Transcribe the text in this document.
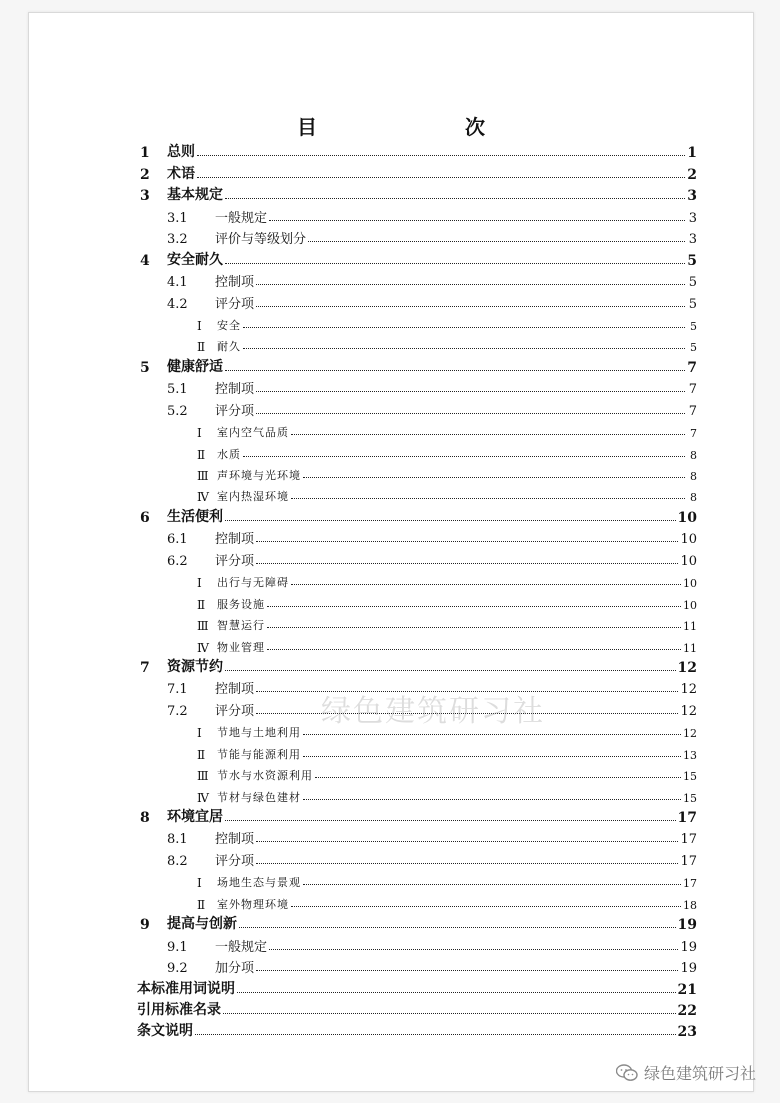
目　　次
1	总则	1
2	术语	2
3	基本规定	3
3.1	一般规定	3
3.2	评价与等级划分	3
4	安全耐久	5
4.1	控制项	5
4.2	评分项	5
Ⅰ	安全	5
Ⅱ	耐久	5
5	健康舒适	7
5.1	控制项	7
5.2	评分项	7
Ⅰ	室内空气品质	7
Ⅱ	水质	8
Ⅲ 声环境与光环境	8
Ⅳ 室内热湿环境	8
6	生活便利	10
6.1	控制项	10
6.2	评分项	10
Ⅰ	出行与无障碍	10
Ⅱ	服务设施	10
Ⅲ 智慧运行	11
Ⅳ 物业管理	11
7	资源节约	12
7.1	控制项	12
7.2	评分项	12
Ⅰ	节地与土地利用	12
Ⅱ	节能与能源利用	13
Ⅲ 节水与水资源利用	15
Ⅳ 节材与绿色建材	15
8	环境宜居	17
8.1	控制项	17
8.2	评分项	17
Ⅰ	场地生态与景观	17
Ⅱ	室外物理环境	18
9	提高与创新	19
9.1	一般规定	19
9.2	加分项	19
本标准用词说明	21
引用标准名录	22
条文说明	23
绿色建筑研习社
绿色建筑研习社
